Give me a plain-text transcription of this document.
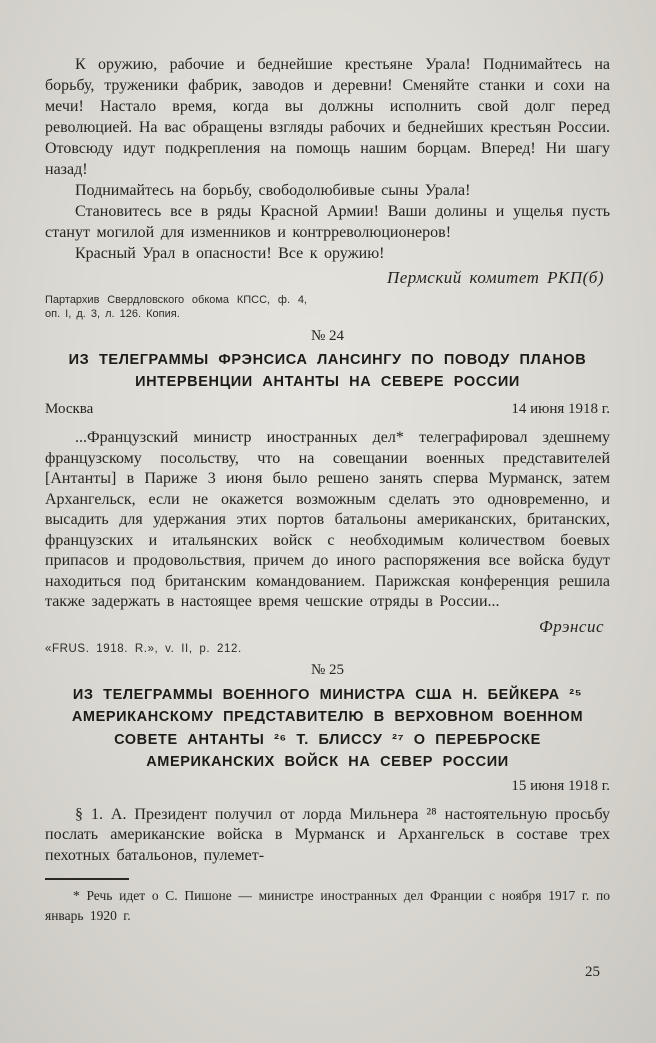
К оружию, рабочие и беднейшие крестьяне Урала! Поднимайтесь на борьбу, труженики фабрик, заводов и деревни! Сменяйте станки и сохи на мечи! Настало время, когда вы должны исполнить свой долг перед революцией. На вас обращены взгляды рабочих и беднейших крестьян России. Отовсюду идут подкрепления на помощь нашим борцам. Вперед! Ни шагу назад!

Поднимайтесь на борьбу, свободолюбивые сыны Урала!

Становитесь все в ряды Красной Армии! Ваши долины и ущелья пусть станут могилой для изменников и контрреволюционеров!

Красный Урал в опасности! Все к оружию!

Пермский комитет РКП(б)
Партархив Свердловского обкома КПСС, ф. 4, оп. I, д. 3, л. 126. Копия.
№ 24
ИЗ ТЕЛЕГРАММЫ ФРЭНСИСА ЛАНСИНГУ ПО ПОВОДУ ПЛАНОВ ИНТЕРВЕНЦИИ АНТАНТЫ НА СЕВЕРЕ РОССИИ
Москва	14 июня 1918 г.

...Французский министр иностранных дел* телеграфировал здешнему французскому посольству, что на совещании военных представителей [Антанты] в Париже 3 июня было решено занять сперва Мурманск, затем Архангельск, если не окажется возможным сделать это одновременно, и высадить для удержания этих портов батальоны американских, британских, французских и итальянских войск с необходимым количеством боевых припасов и продовольствия, причем до иного распоряжения все войска будут находиться под британским командованием. Парижская конференция решила также задержать в настоящее время чешские отряды в России...

Фрэнсис
«FRUS. 1918. R.», v. II, p. 212.
№ 25
ИЗ ТЕЛЕГРАММЫ ВОЕННОГО МИНИСТРА США Н. БЕЙКЕРА ²⁵ АМЕРИКАНСКОМУ ПРЕДСТАВИТЕЛЮ В ВЕРХОВНОМ ВОЕННОМ СОВЕТЕ АНТАНТЫ ²⁶ Т. БЛИССУ ²⁷ О ПЕРЕБРОСКЕ АМЕРИКАНСКИХ ВОЙСК НА СЕВЕР РОССИИ
15 июня 1918 г.

§ 1. А. Президент получил от лорда Мильнера ²⁸ настоятельную просьбу послать американские войска в Мурманск и Архангельск в составе трех пехотных батальонов, пулемет-

* Речь идет о С. Пишоне — министре иностранных дел Франции с ноября 1917 г. по январь 1920 г.

25
